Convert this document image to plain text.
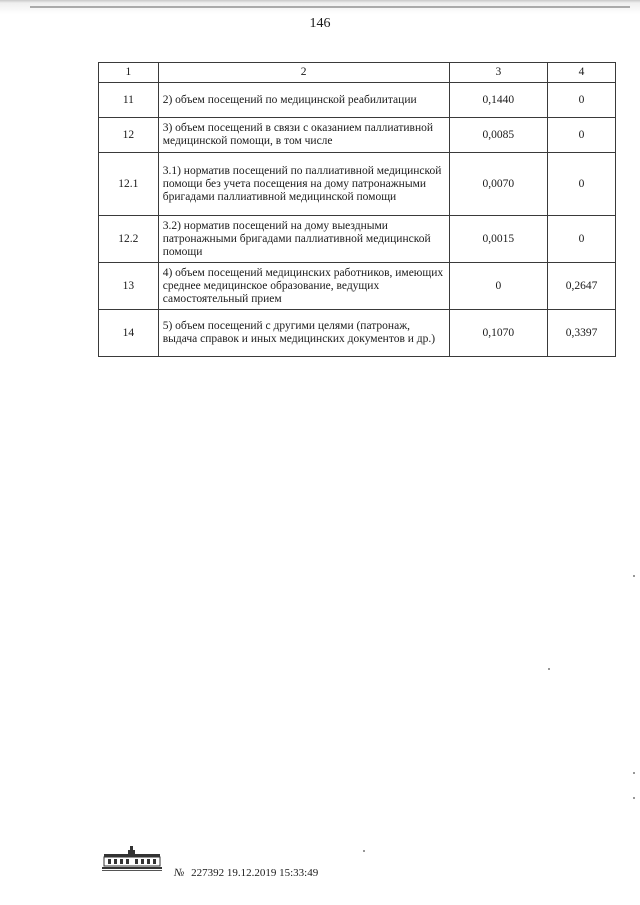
146
1	2	3	4
11	2) объем посещений по медицинской реабилитации	0,1440	0
12	3) объем посещений в связи с оказанием паллиативной медицинской помощи, в том числе	0,0085	0
12.1	3.1) норматив посещений по паллиативной медицинской помощи без учета посещения на дому патронажными бригадами паллиативной медицинской помощи	0,0070	0
12.2	3.2) норматив посещений на дому выездными патронажными бригадами паллиативной медицинской помощи	0,0015	0
13	4) объем посещений медицинских работников, имеющих среднее медицинское образование, ведущих самостоятельный прием	0	0,2647
14	5) объем посещений с другими целями (патронаж, выдача справок и иных медицинских документов и др.)	0,1070	0,3397
№ 227392 19.12.2019 15:33:49
